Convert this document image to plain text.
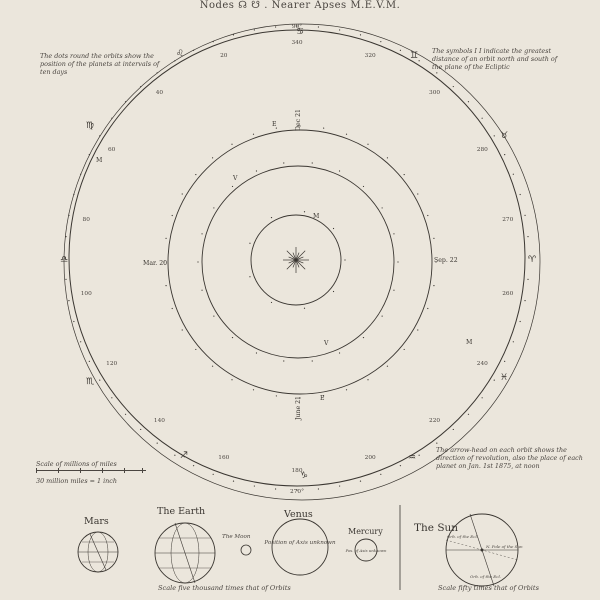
Nodes ☊ ☋ . Nearer Apses M.E.V.M.
The dots round the orbits show the position of the planets at intervals of ten days
The symbols I I indicate the greatest distance of an orbit north and south of the plane of the Ecliptic
The arrow-head on each orbit shows the direction of revolution, also the place of each planet on Jan. 1st 1875, at noon
Scale of millions of miles
30 million miles = 1 inch
340
320
300
280
270
260
240
220
200
180
160
140
120
100
80
60
40
20
90°
270°
Dec 21
June 21
Mar. 20	Sep. 22
♌
♍
♎
♏
♐
♑
♒
♓
♈
♉
♊
♋
M
E
V
M
E
V	M
Position of Axis unknown
Pos. of Axis unknown
Orb. of the Ecl.
N. Pole of the Sun
Orb. of the Ecl.
The Moon
Mars
The Earth	Venus
Mercury	The Sun
Scale five thousand times that of Orbits	Scale fifty times that of Orbits
